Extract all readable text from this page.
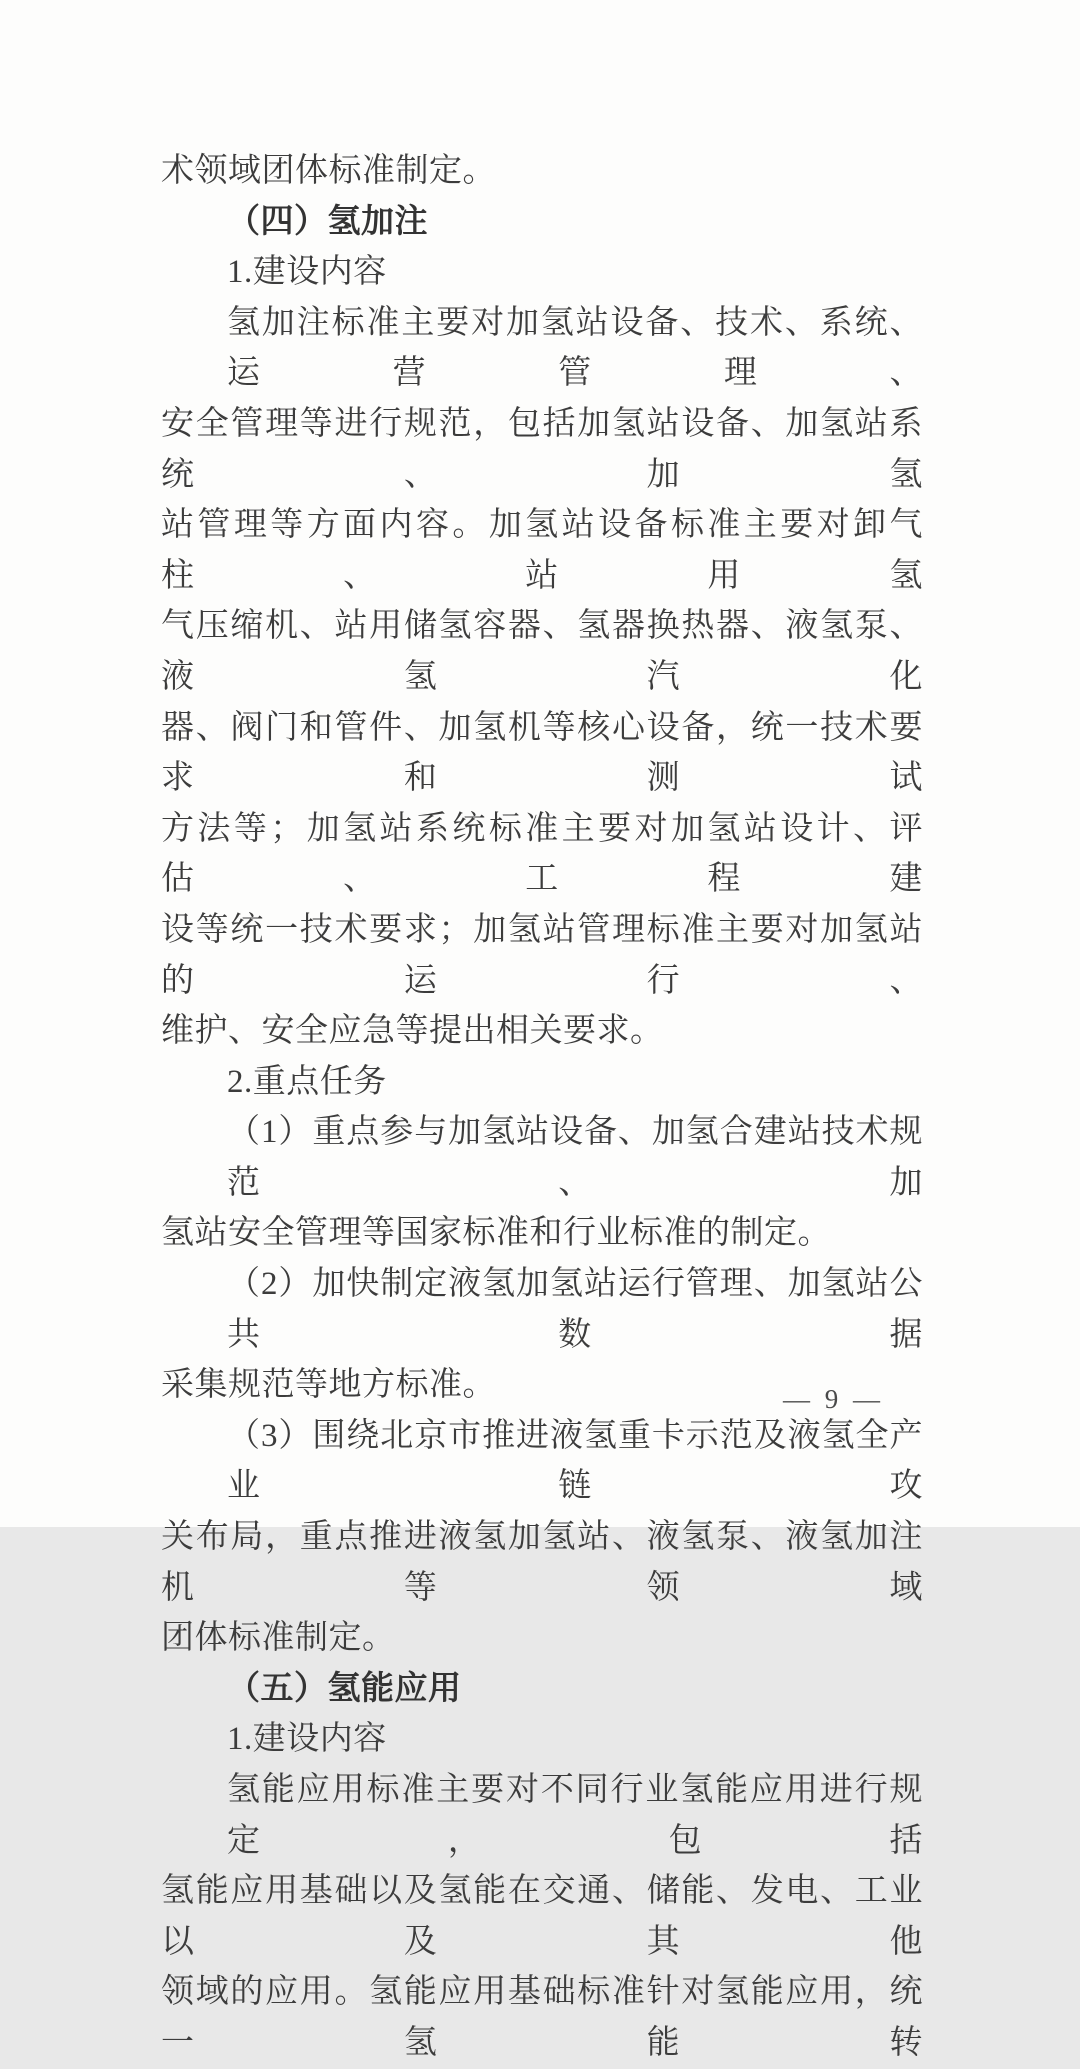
术领域团体标准制定。
（四）氢加注
1.建设内容
氢加注标准主要对加氢站设备、技术、系统、运营管理、
安全管理等进行规范，包括加氢站设备、加氢站系统、加氢
站管理等方面内容。加氢站设备标准主要对卸气柱、站用氢
气压缩机、站用储氢容器、氢器换热器、液氢泵、液氢汽化
器、阀门和管件、加氢机等核心设备，统一技术要求和测试
方法等；加氢站系统标准主要对加氢站设计、评估、工程建
设等统一技术要求；加氢站管理标准主要对加氢站的运行、
维护、安全应急等提出相关要求。
2.重点任务
（1）重点参与加氢站设备、加氢合建站技术规范、加
氢站安全管理等国家标准和行业标准的制定。
（2）加快制定液氢加氢站运行管理、加氢站公共数据
采集规范等地方标准。
（3）围绕北京市推进液氢重卡示范及液氢全产业链攻
关布局，重点推进液氢加氢站、液氢泵、液氢加注机等领域
团体标准制定。
（五）氢能应用
1.建设内容
氢能应用标准主要对不同行业氢能应用进行规定，包括
氢能应用基础以及氢能在交通、储能、发电、工业以及其他
领域的应用。氢能应用基础标准针对氢能应用，统一氢能转
— 9 —
